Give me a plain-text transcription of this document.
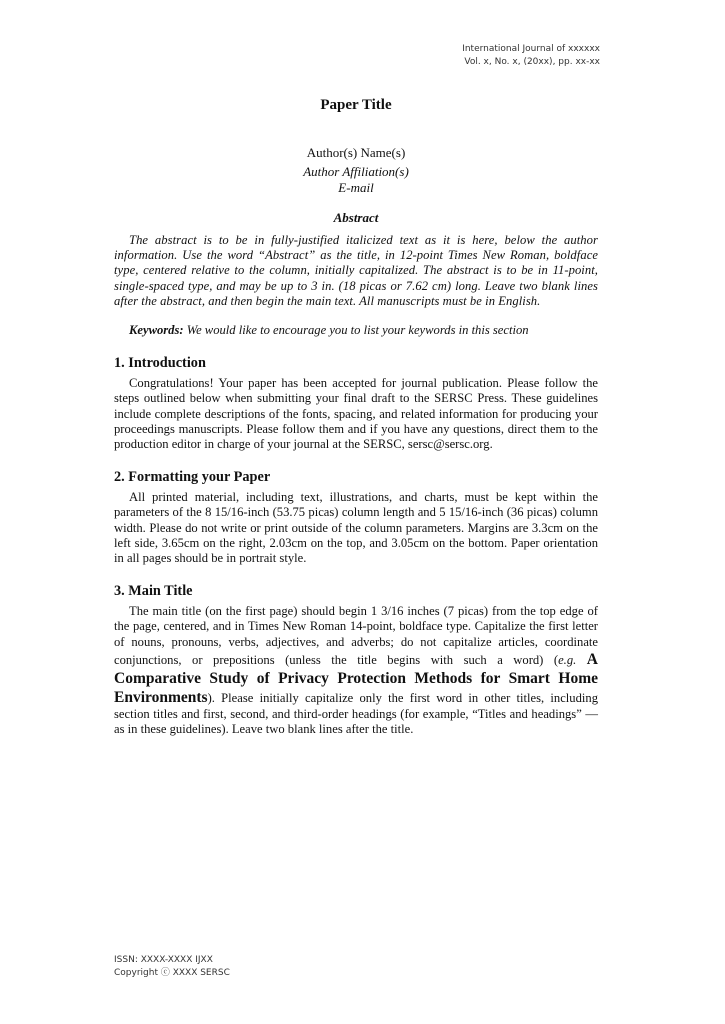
International Journal of xxxxxx
Vol. x, No. x, (20xx), pp. xx-xx
Paper Title
Author(s) Name(s)
Author Affiliation(s)
E-mail
Abstract
The abstract is to be in fully-justified italicized text as it is here, below the author information. Use the word “Abstract” as the title, in 12-point Times New Roman, boldface type, centered relative to the column, initially capitalized. The abstract is to be in 11-point, single-spaced type, and may be up to 3 in. (18 picas or 7.62 cm) long. Leave two blank lines after the abstract, and then begin the main text. All manuscripts must be in English.
Keywords: We would like to encourage you to list your keywords in this section
1. Introduction
Congratulations! Your paper has been accepted for journal publication. Please follow the steps outlined below when submitting your final draft to the SERSC Press. These guidelines include complete descriptions of the fonts, spacing, and related information for producing your proceedings manuscripts. Please follow them and if you have any questions, direct them to the production editor in charge of your journal at the SERSC, sersc@sersc.org.
2. Formatting your Paper
All printed material, including text, illustrations, and charts, must be kept within the parameters of the 8 15/16-inch (53.75 picas) column length and 5 15/16-inch (36 picas) column width. Please do not write or print outside of the column parameters. Margins are 3.3cm on the left side, 3.65cm on the right, 2.03cm on the top, and 3.05cm on the bottom. Paper orientation in all pages should be in portrait style.
3. Main Title
The main title (on the first page) should begin 1 3/16 inches (7 picas) from the top edge of the page, centered, and in Times New Roman 14-point, boldface type. Capitalize the first letter of nouns, pronouns, verbs, adjectives, and adverbs; do not capitalize articles, coordinate conjunctions, or prepositions (unless the title begins with such a word) (e.g. A Comparative Study of Privacy Protection Methods for Smart Home Environments). Please initially capitalize only the first word in other titles, including section titles and first, second, and third-order headings (for example, “Titles and headings” — as in these guidelines). Leave two blank lines after the title.
ISSN: XXXX-XXXX IJXX
Copyright ⓒ XXXX SERSC
